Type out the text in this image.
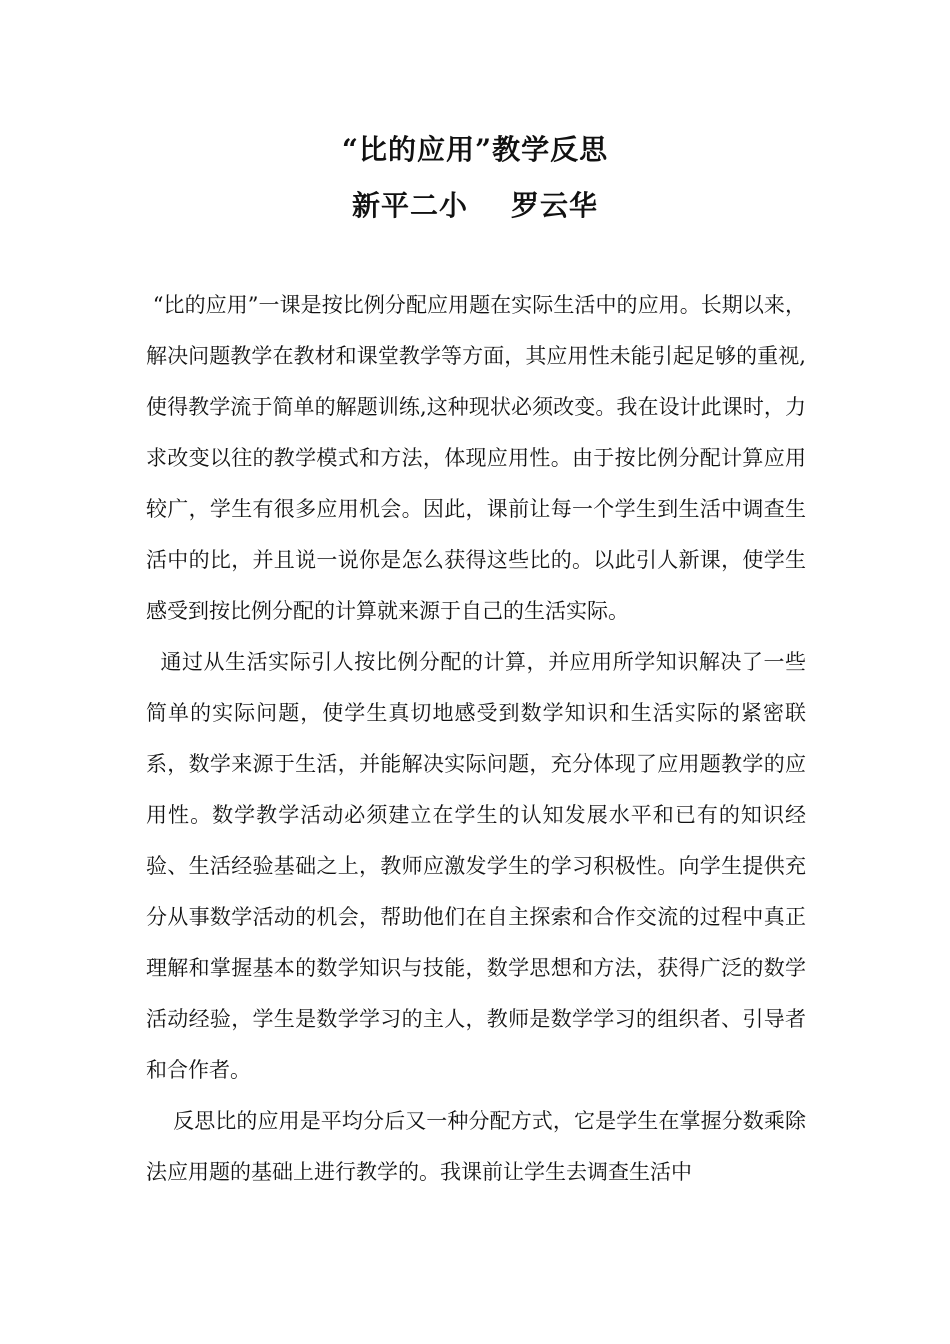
“比的应用”教学反思
新平二小    罗云华

“比的应用”一课是按比例分配应用题在实际生活中的应用。长期以来，解决问题教学在教材和课堂教学等方面，其应用性未能引起足够的重视,使得教学流于简单的解题训练,这种现状必须改变。我在设计此课时，力求改变以往的教学模式和方法，体现应用性。由于按比例分配计算应用较广，学生有很多应用机会。因此，课前让每一个学生到生活中调查生活中的比，并且说一说你是怎么获得这些比的。以此引人新课，使学生感受到按比例分配的计算就来源于自己的生活实际。

通过从生活实际引人按比例分配的计算，并应用所学知识解决了一些简单的实际问题，使学生真切地感受到数学知识和生活实际的紧密联系，数学来源于生活，并能解决实际问题，充分体现了应用题教学的应用性。数学教学活动必须建立在学生的认知发展水平和已有的知识经验、生活经验基础之上，教师应激发学生的学习积极性。向学生提供充分从事数学活动的机会，帮助他们在自主探索和合作交流的过程中真正理解和掌握基本的数学知识与技能，数学思想和方法，获得广泛的数学活动经验，学生是数学学习的主人，教师是数学学习的组织者、引导者和合作者。

反思比的应用是平均分后又一种分配方式，它是学生在掌握分数乘除法应用题的基础上进行教学的。我课前让学生去调查生活中
